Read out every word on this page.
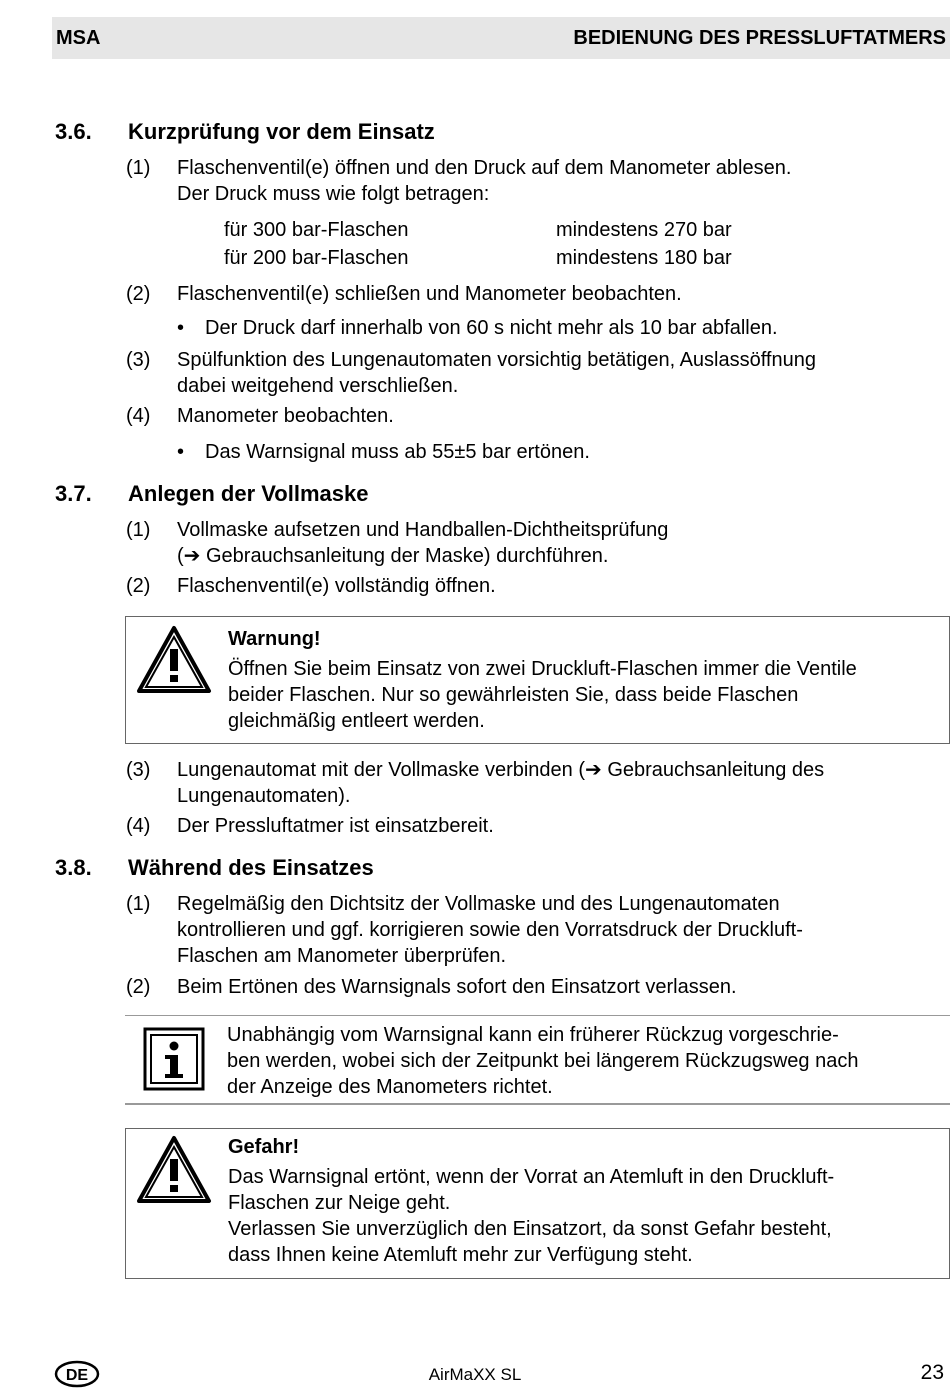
MSA	BEDIENUNG DES PRESSLUFTATMERS
3.6. Kurzprüfung vor dem Einsatz
(1) Flaschenventil(e) öffnen und den Druck auf dem Manometer ablesen.
Der Druck muss wie folgt betragen:
für 300 bar-Flaschen	mindestens 270 bar
für 200 bar-Flaschen	mindestens 180 bar
(2) Flaschenventil(e) schließen und Manometer beobachten.
• Der Druck darf innerhalb von 60 s nicht mehr als 10 bar abfallen.
(3) Spülfunktion des Lungenautomaten vorsichtig betätigen, Auslassöffnung
dabei weitgehend verschließen.
(4) Manometer beobachten.
• Das Warnsignal muss ab 55±5 bar ertönen.
3.7. Anlegen der Vollmaske
(1) Vollmaske aufsetzen und Handballen-Dichtheitsprüfung
(➔ Gebrauchsanleitung der Maske) durchführen.
(2) Flaschenventil(e) vollständig öffnen.
Warnung!
Öffnen Sie beim Einsatz von zwei Druckluft-Flaschen immer die Ventile
beider Flaschen. Nur so gewährleisten Sie, dass beide Flaschen
gleichmäßig entleert werden.
(3) Lungenautomat mit der Vollmaske verbinden (➔ Gebrauchsanleitung des
Lungenautomaten).
(4) Der Pressluftatmer ist einsatzbereit.
3.8. Während des Einsatzes
(1) Regelmäßig den Dichtsitz der Vollmaske und des Lungenautomaten
kontrollieren und ggf. korrigieren sowie den Vorratsdruck der Druckluft-
Flaschen am Manometer überprüfen.
(2) Beim Ertönen des Warnsignals sofort den Einsatzort verlassen.
Unabhängig vom Warnsignal kann ein früherer Rückzug vorgeschrie-
ben werden, wobei sich der Zeitpunkt bei längerem Rückzugsweg nach
der Anzeige des Manometers richtet.
Gefahr!
Das Warnsignal ertönt, wenn der Vorrat an Atemluft in den Druckluft-
Flaschen zur Neige geht.
Verlassen Sie unverzüglich den Einsatzort, da sonst Gefahr besteht,
dass Ihnen keine Atemluft mehr zur Verfügung steht.
DE	AirMaXX SL	23
